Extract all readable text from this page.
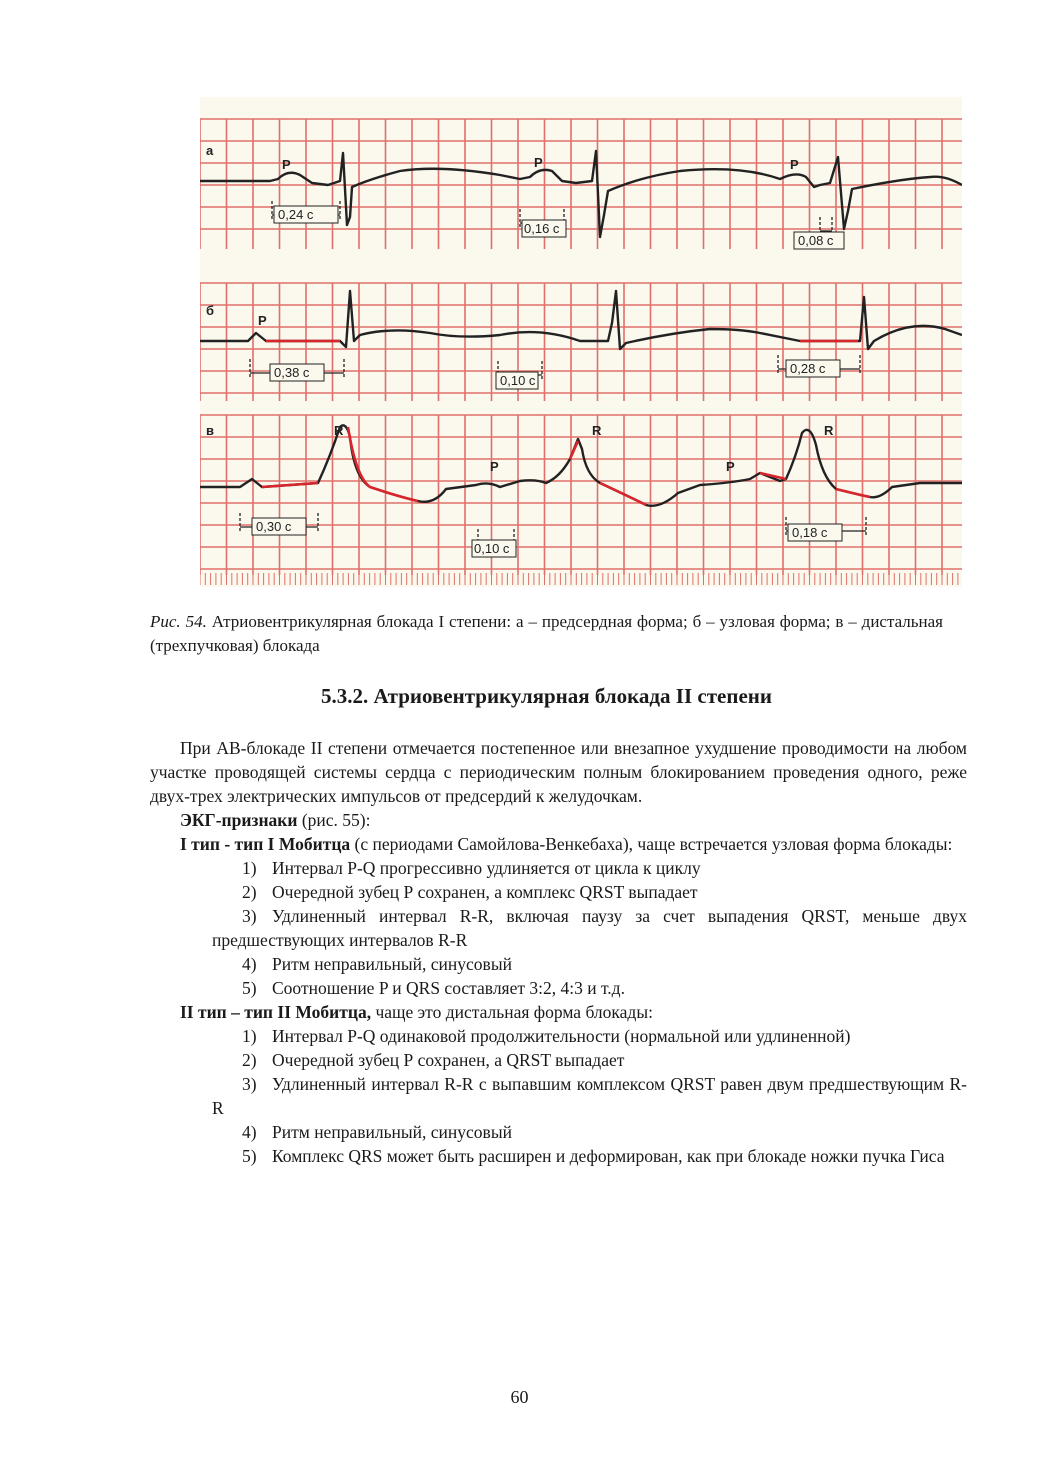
а
б
в
P	P	P
0,24 с
0,16 с
0,08 с
P
0,38 с
0,10 с
0,28 с
R	R	R
P	P
0,30 с
0,10 с
0,18 с
Рис. 54. Атриовентрикулярная блокада I степени: а – предсердная форма; б – узловая форма; в – дистальная (трехпучковая) блокада
5.3.2. Атриовентрикулярная блокада II степени

При АВ-блокаде II степени отмечается постепенное или внезапное ухудшение проводимости на любом участке проводящей системы сердца с периодическим полным блокированием проведения одного, реже двух-трех электрических импульсов от предсердий к желудочкам.

ЭКГ-признаки (рис. 55):

I тип - тип I Мобитца (с периодами Самойлова-Венкебаха), чаще встречается узловая форма блокады:

1) Интервал P-Q прогрессивно удлиняется от цикла к циклу
2) Очередной зубец Р сохранен, а комплекс QRST выпадает
3) Удлиненный интервал R-R, включая паузу за счет выпадения QRST, меньше двух предшествующих интервалов R-R
4) Ритм неправильный, синусовый
5) Соотношение P и QRS составляет 3:2, 4:3 и т.д.

II тип – тип II Мобитца, чаще это дистальная форма блокады:

1) Интервал P-Q одинаковой продолжительности (нормальной или удлиненной)
2) Очередной зубец Р сохранен, а QRST выпадает
3) Удлиненный интервал R-R с выпавшим комплексом QRST равен двум предшествующим R-R
4) Ритм неправильный, синусовый
5) Комплекс QRS может быть расширен и деформирован, как при блокаде ножки пучка Гиса
60
